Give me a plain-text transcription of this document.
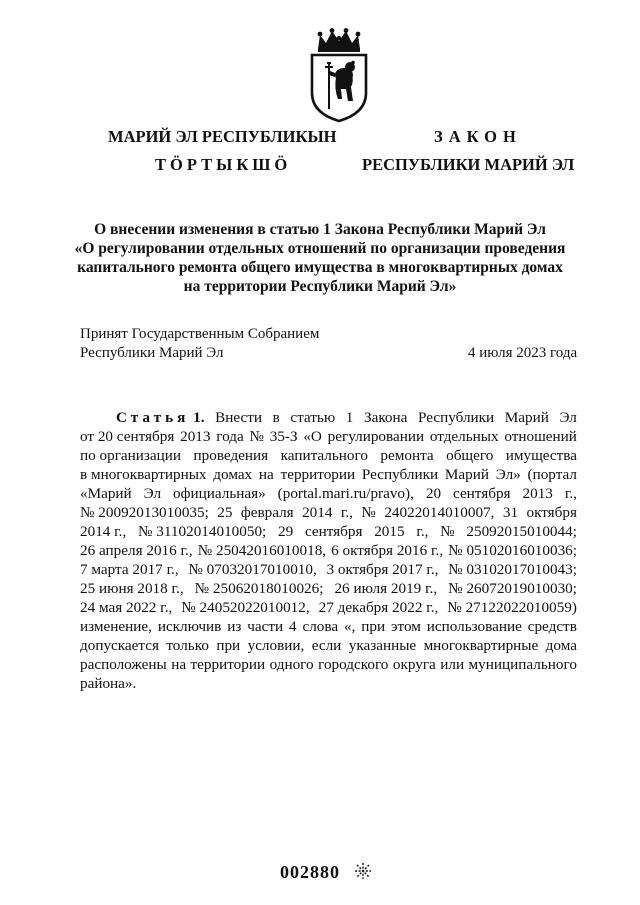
МАРИЙ ЭЛ РЕСПУБЛИКЫН
ТӦРТЫКШӦ
ЗАКОН
РЕСПУБЛИКИ МАРИЙ ЭЛ
О внесении изменения в статью 1 Закона Республики Марий Эл
«О регулировании отдельных отношений по организации проведения
капитального ремонта общего имущества в многоквартирных домах
на территории Республики Марий Эл»
Принят Государственным Собранием
Республики Марий Эл	4 июля 2023 года
Статья 1. Внести в статью 1 Закона Республики Марий Эл
от 20 сентября 2013 года № 35-З «О регулировании отдельных отношений
по организации проведения капитального ремонта общего имущества
в многоквартирных домах на территории Республики Марий Эл» (портал
«Марий Эл официальная» (portal.mari.ru/pravo), 20 сентября 2013 г.,
№ 20092013010035; 25 февраля 2014 г., № 24022014010007, 31 октября
2014 г., № 31102014010050; 29 сентября 2015 г., № 25092015010044;
26 апреля 2016 г., № 25042016010018, 6 октября 2016 г., № 05102016010036;
7 марта 2017 г., № 07032017010010, 3 октября 2017 г., № 03102017010043;
25 июня 2018 г., № 25062018010026; 26 июля 2019 г., № 26072019010030;
24 мая 2022 г., № 24052022010012, 27 декабря 2022 г., № 27122022010059)
изменение, исключив из части 4 слова «, при этом использование средств
допускается только при условии, если указанные многоквартирные дома
расположены на территории одного городского округа или муниципального
района».
002880
